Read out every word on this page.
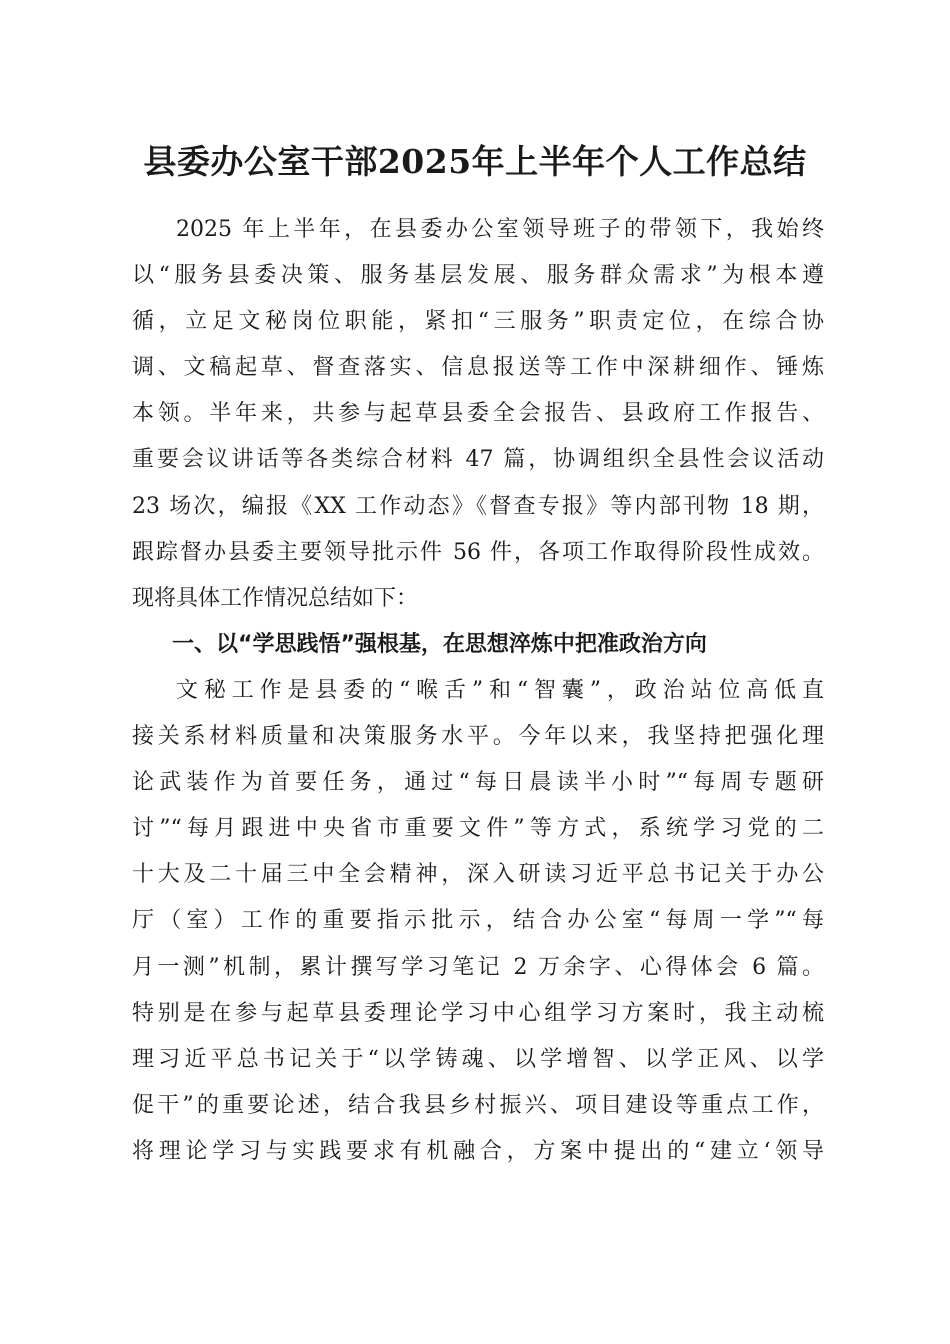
县委办公室干部2025年上半年个人工作总结
2025 年上半年，在县委办公室领导班子的带领下，我始终
以“服务县委决策、服务基层发展、服务群众需求”为根本遵
循，立足文秘岗位职能，紧扣“三服务”职责定位，在综合协
调、文稿起草、督查落实、信息报送等工作中深耕细作、锤炼
本领。半年来，共参与起草县委全会报告、县政府工作报告、
重要会议讲话等各类综合材料 47 篇，协调组织全县性会议活动
23 场次，编报《XX 工作动态》《督查专报》等内部刊物 18 期，
跟踪督办县委主要领导批示件 56 件，各项工作取得阶段性成效。
现将具体工作情况总结如下：
一、以“学思践悟”强根基，在思想淬炼中把准政治方向
文秘工作是县委的“喉舌”和“智囊”，政治站位高低直
接关系材料质量和决策服务水平。今年以来，我坚持把强化理
论武装作为首要任务，通过“每日晨读半小时”“每周专题研
讨”“每月跟进中央省市重要文件”等方式，系统学习党的二
十大及二十届三中全会精神，深入研读习近平总书记关于办公
厅（室）工作的重要指示批示，结合办公室“每周一学”“每
月一测”机制，累计撰写学习笔记 2 万余字、心得体会 6 篇。
特别是在参与起草县委理论学习中心组学习方案时，我主动梳
理习近平总书记关于“以学铸魂、以学增智、以学正风、以学
促干”的重要论述，结合我县乡村振兴、项目建设等重点工作，
将理论学习与实践要求有机融合，方案中提出的“建立‘领导
